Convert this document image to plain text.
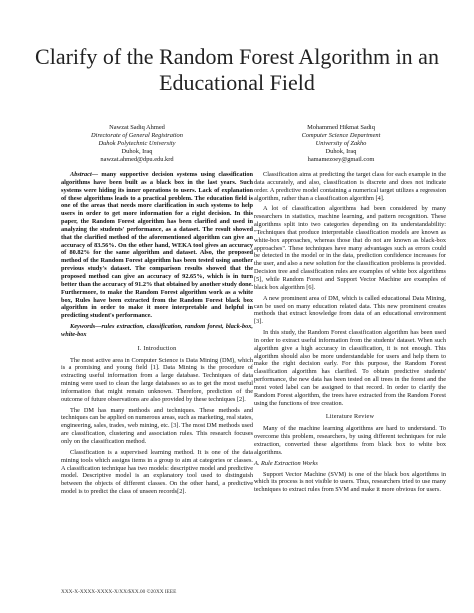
Clarify of the Random Forest Algorithm in an Educational Field
Nawzat Sadiq Ahmed
Directorate of General Registration
Duhok Polytechnic University
Duhok, Iraq
nawzat.ahmed@dpu.edu.krd
Mohammed Hikmat Sadiq
Computer Science Department
University of Zakho
Duhok, Iraq
hamamezoey@gmail.com

Abstract— many supportive decision systems using classification algorithms have been built as a black box in the last years. Such systems were hiding its inner operations to users. Lack of explanation of these algorithms leads to a practical problem. The education field is one of the areas that needs more clarification in such systems to help users in order to get more information for a right decision. In this paper, the Random Forest algorithm has been clarified and used in analyzing the students' performance, as a dataset. The result showed that the clarified method of the aforementioned algorithm can give an accuracy of 83.56%. On the other hand, WEKA tool gives an accuracy of 80.82% for the same algorithm and dataset. Also, the proposed method of the Random Forest algorithm has been tested using another previous study's dataset. The comparison results showed that the proposed method can give an accuracy of 92.65%, which is in turn better than the accuracy of 91.2% that obtained by another study done. Furthermore, to make the Random Forest algorithm work as a white box, Rules have been extracted from the Random Forest black box algorithm in order to make it more interpretable and helpful in predicting student's performance.

Keywords—rules extraction, classification, random forest, black-box, white-box

I. Introduction

The most active area in Computer Science is Data Mining (DM), which is a promising and young field [1]. Data Mining is the procedure of extracting useful information from a large database. Techniques of data mining were used to clean the large databases so as to get the most useful information that might remain unknown. Therefore, prediction of the outcome of future observations are also provided by these techniques [2].

The DM has many methods and techniques. These methods and techniques can be applied on numerous areas, such as marketing, real states, engineering, sales, trades, web mining, etc. [3]. The most DM methods used are classification, clustering and association rules. This research focuses only on the classification method.

Classification is a supervised learning method. It is one of the data mining tools which assigns items in a group to aim at categories or classes. A classification technique has two models: descriptive model and predictive model. Descriptive model is an explanatory tool used to distinguish between the objects of different classes. On the other hand, a predictive model is to predict the class of unseen records[2].

Classification aims at predicting the target class for each example in the data accurately, and also, classification is discrete and does not indicate order. A predictive model containing a numerical target utilizes a regression algorithm, rather than a classification algorithm [4].

A lot of classification algorithms had been considered by many researchers in statistics, machine learning, and pattern recognition. These algorithms split into two categories depending on its understandability: "Techniques that produce interpretable classification models are known as white-box approaches, whereas those that do not are known as black-box approaches". These techniques have many advantages such as errors could be detected in the model or in the data, prediction confidence increases for the user, and also a new solution for the classification problems is provided. Decision tree and classification rules are examples of white box algorithms [5], while Random Forest and Support Vector Machine are examples of black box algorithm [6].

A new prominent area of DM, which is called educational Data Mining, can be used on many education related data. This new prominent creates methods that extract knowledge from data of an educational environment [3].

In this study, the Random Forest classification algorithm has been used in order to extract useful information from the students' dataset. When such algorithm give a high accuracy in classification, it is not enough. This algorithm should also be more understandable for users and help them to make the right decision early. For this purpose, the Random Forest classification algorithm has clarified. To obtain predictive students' performance, the new data has been tested on all trees in the forest and the most voted label can be assigned to that record. In order to clarify the Random Forest algorithm, the trees have extracted from the Random Forest using the functions of tree creation.

Literature Review

Many of the machine learning algorithms are hard to understand. To overcome this problem, researchers, by using different techniques for rule extraction, converted these algorithms from black box to white box algorithms.

A. Rule Extraction Works

Support Vector Machine (SVM) is one of the black box algorithms in which its process is not visible to users. Thus, researchers tried to use many techniques to extract rules from SVM and make it more obvious for users.

XXX-X-XXXX-XXXX-X/XX/$XX.00 ©20XX IEEE
